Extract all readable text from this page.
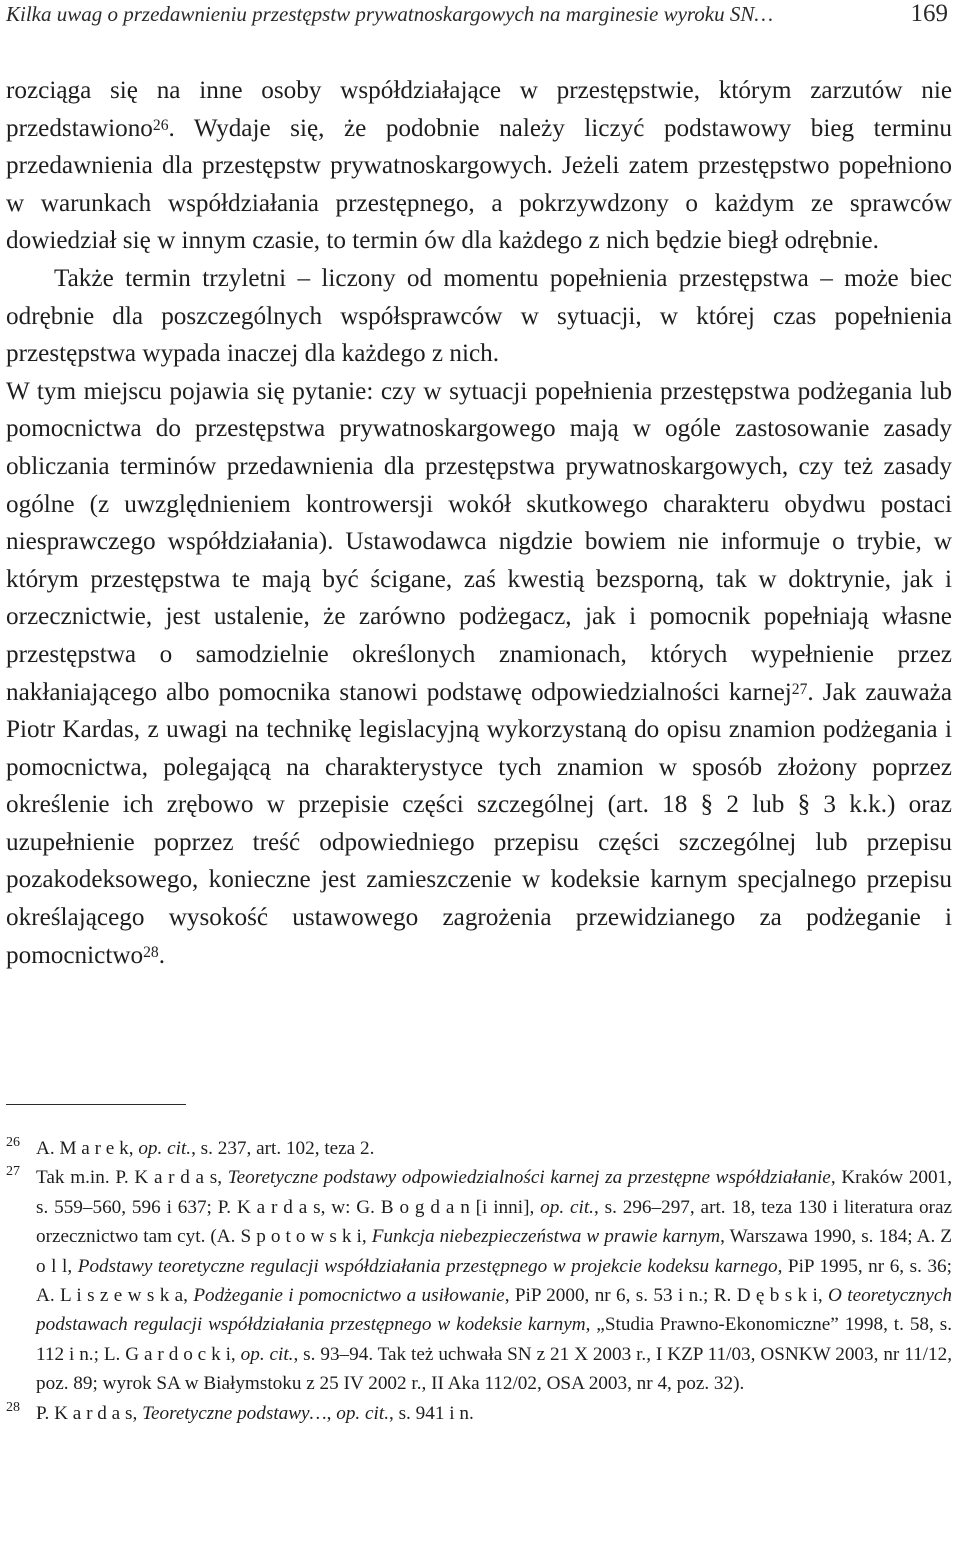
Kilka uwag o przedawnieniu przestępstw prywatnoskargowych na marginesie wyroku SN…	169

rozciąga się na inne osoby współdziałające w przestępstwie, którym zarzutów nie przedstawiono$^{26}$. Wydaje się, że podobnie należy liczyć podstawowy bieg terminu przedawnienia dla przestępstw prywatnoskargowych. Jeżeli zatem przestępstwo popełniono w warunkach współdziałania przestępnego, a pokrzywdzony o każdym ze sprawców dowiedział się w innym czasie, to termin ów dla każdego z nich będzie biegł odrębnie.

Także termin trzyletni – liczony od momentu popełnienia przestępstwa – może biec odrębnie dla poszczególnych współsprawców w sytuacji, w której czas popełnienia przestępstwa wypada inaczej dla każdego z nich.

W tym miejscu pojawia się pytanie: czy w sytuacji popełnienia przestępstwa podżegania lub pomocnictwa do przestępstwa prywatnoskargowego mają w ogóle zastosowanie zasady obliczania terminów przedawnienia dla przestępstwa prywatnoskargowych, czy też zasady ogólne (z uwzględnieniem kontrowersji wokół skutkowego charakteru obydwu postaci niesprawczego współdziałania). Ustawodawca nigdzie bowiem nie informuje o trybie, w którym przestępstwa te mają być ścigane, zaś kwestią bezsporną, tak w doktrynie, jak i orzecznictwie, jest ustalenie, że zarówno podżegacz, jak i pomocnik popełniają własne przestępstwa o samodzielnie określonych znamionach, których wypełnienie przez nakłaniającego albo pomocnika stanowi podstawę odpowiedzialności karnej$^{27}$. Jak zauważa Piotr Kardas, z uwagi na technikę legislacyjną wykorzystaną do opisu znamion podżegania i pomocnictwa, polegającą na charakterystyce tych znamion w sposób złożony poprzez określenie ich zrębowo w przepisie części szczególnej (art. 18 § 2 lub § 3 k.k.) oraz uzupełnienie poprzez treść odpowiedniego przepisu części szczególnej lub przepisu pozakodeksowego, konieczne jest zamieszczenie w kodeksie karnym specjalnego przepisu określającego wysokość ustawowego zagrożenia przewidzianego za podżeganie i pomocnictwo$^{28}$.

26 A. M a r e k, op. cit., s. 237, art. 102, teza 2.
27 Tak m.in. P. K a r d a s, Teoretyczne podstawy odpowiedzialności karnej za przestępne współdziałanie, Kraków 2001, s. 559–560, 596 i 637; P. K a r d a s, w: G. B o g d a n [i inni], op. cit., s. 296–297, art. 18, teza 130 i literatura oraz orzecznictwo tam cyt. (A. S p o t o w s k i, Funkcja niebezpieczeństwa w prawie karnym, Warszawa 1990, s. 184; A. Z o l l, Podstawy teoretyczne regulacji współdziałania przestępnego w projekcie kodeksu karnego, PiP 1995, nr 6, s. 36; A. L i s z e w s k a, Podżeganie i pomocnictwo a usiłowanie, PiP 2000, nr 6, s. 53 i n.; R. D ę b s k i, O teoretycznych podstawach regulacji współdziałania przestępnego w kodeksie karnym, „Studia Prawno-Ekonomiczne” 1998, t. 58, s. 112 i n.; L. G a r d o c k i, op. cit., s. 93–94. Tak też uchwała SN z 21 X 2003 r., I KZP 11/03, OSNKW 2003, nr 11/12, poz. 89; wyrok SA w Białymstoku z 25 IV 2002 r., II Aka 112/02, OSA 2003, nr 4, poz. 32).
28 P. K a r d a s, Teoretyczne podstawy…, op. cit., s. 941 i n.
